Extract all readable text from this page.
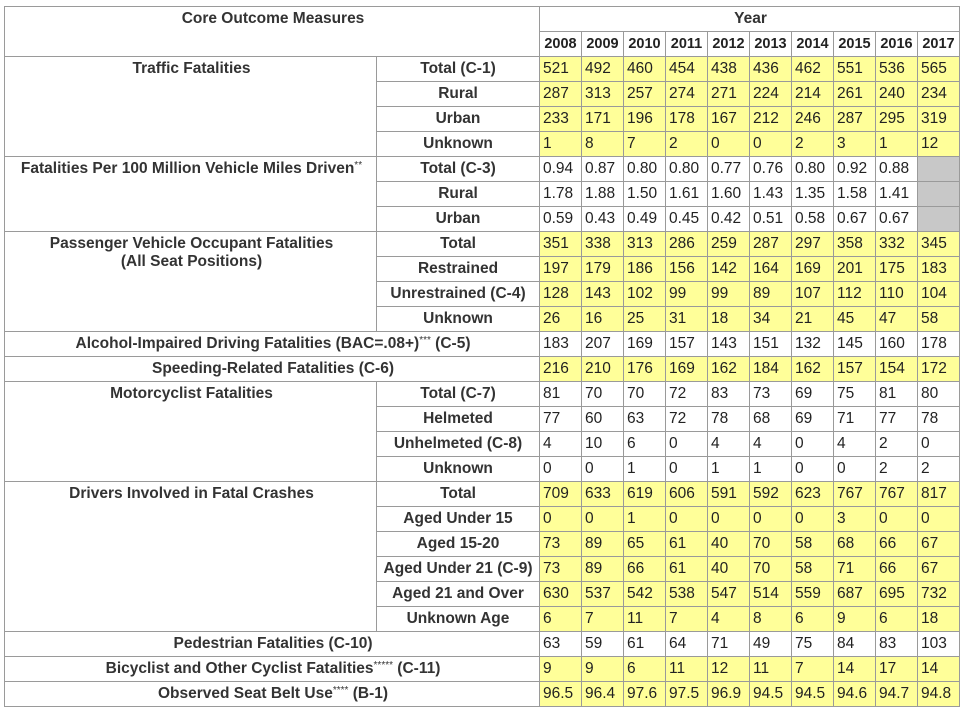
Core Outcome Measures		Year									
		2008	2009	2010	2011	2012	2013	2014	2015	2016	2017
Traffic Fatalities	Total (C-1)	521	492	460	454	438	436	462	551	536	565
	Rural	287	313	257	274	271	224	214	261	240	234
	Urban	233	171	196	178	167	212	246	287	295	319
	Unknown	1	8	7	2	0	0	2	3	1	12
Fatalities Per 100 Million Vehicle Miles Driven**	Total (C-3)	0.94	0.87	0.80	0.80	0.77	0.76	0.80	0.92	0.88	
	Rural	1.78	1.88	1.50	1.61	1.60	1.43	1.35	1.58	1.41	
	Urban	0.59	0.43	0.49	0.45	0.42	0.51	0.58	0.67	0.67	
Passenger Vehicle Occupant Fatalities
(All Seat Positions)	Total	351	338	313	286	259	287	297	358	332	345
	Restrained	197	179	186	156	142	164	169	201	175	183
	Unrestrained (C-4)	128	143	102	99	99	89	107	112	110	104
	Unknown	26	16	25	31	18	34	21	45	47	58
Alcohol-Impaired Driving Fatalities (BAC=.08+)*** (C-5)		183	207	169	157	143	151	132	145	160	178
Speeding-Related Fatalities (C-6)		216	210	176	169	162	184	162	157	154	172
Motorcyclist Fatalities	Total (C-7)	81	70	70	72	83	73	69	75	81	80
	Helmeted	77	60	63	72	78	68	69	71	77	78
	Unhelmeted (C-8)	4	10	6	0	4	4	0	4	2	0
	Unknown	0	0	1	0	1	1	0	0	2	2
Drivers Involved in Fatal Crashes	Total	709	633	619	606	591	592	623	767	767	817
	Aged Under 15	0	0	1	0	0	0	0	3	0	0
	Aged 15-20	73	89	65	61	40	70	58	68	66	67
	Aged Under 21 (C-9)	73	89	66	61	40	70	58	71	66	67
	Aged 21 and Over	630	537	542	538	547	514	559	687	695	732
	Unknown Age	6	7	11	7	4	8	6	9	6	18
Pedestrian Fatalities (C-10)		63	59	61	64	71	49	75	84	83	103
Bicyclist and Other Cyclist Fatalities***** (C-11)		9	9	6	11	12	11	7	14	17	14
Observed Seat Belt Use**** (B-1)		96.5	96.4	97.6	97.5	96.9	94.5	94.5	94.6	94.7	94.8
